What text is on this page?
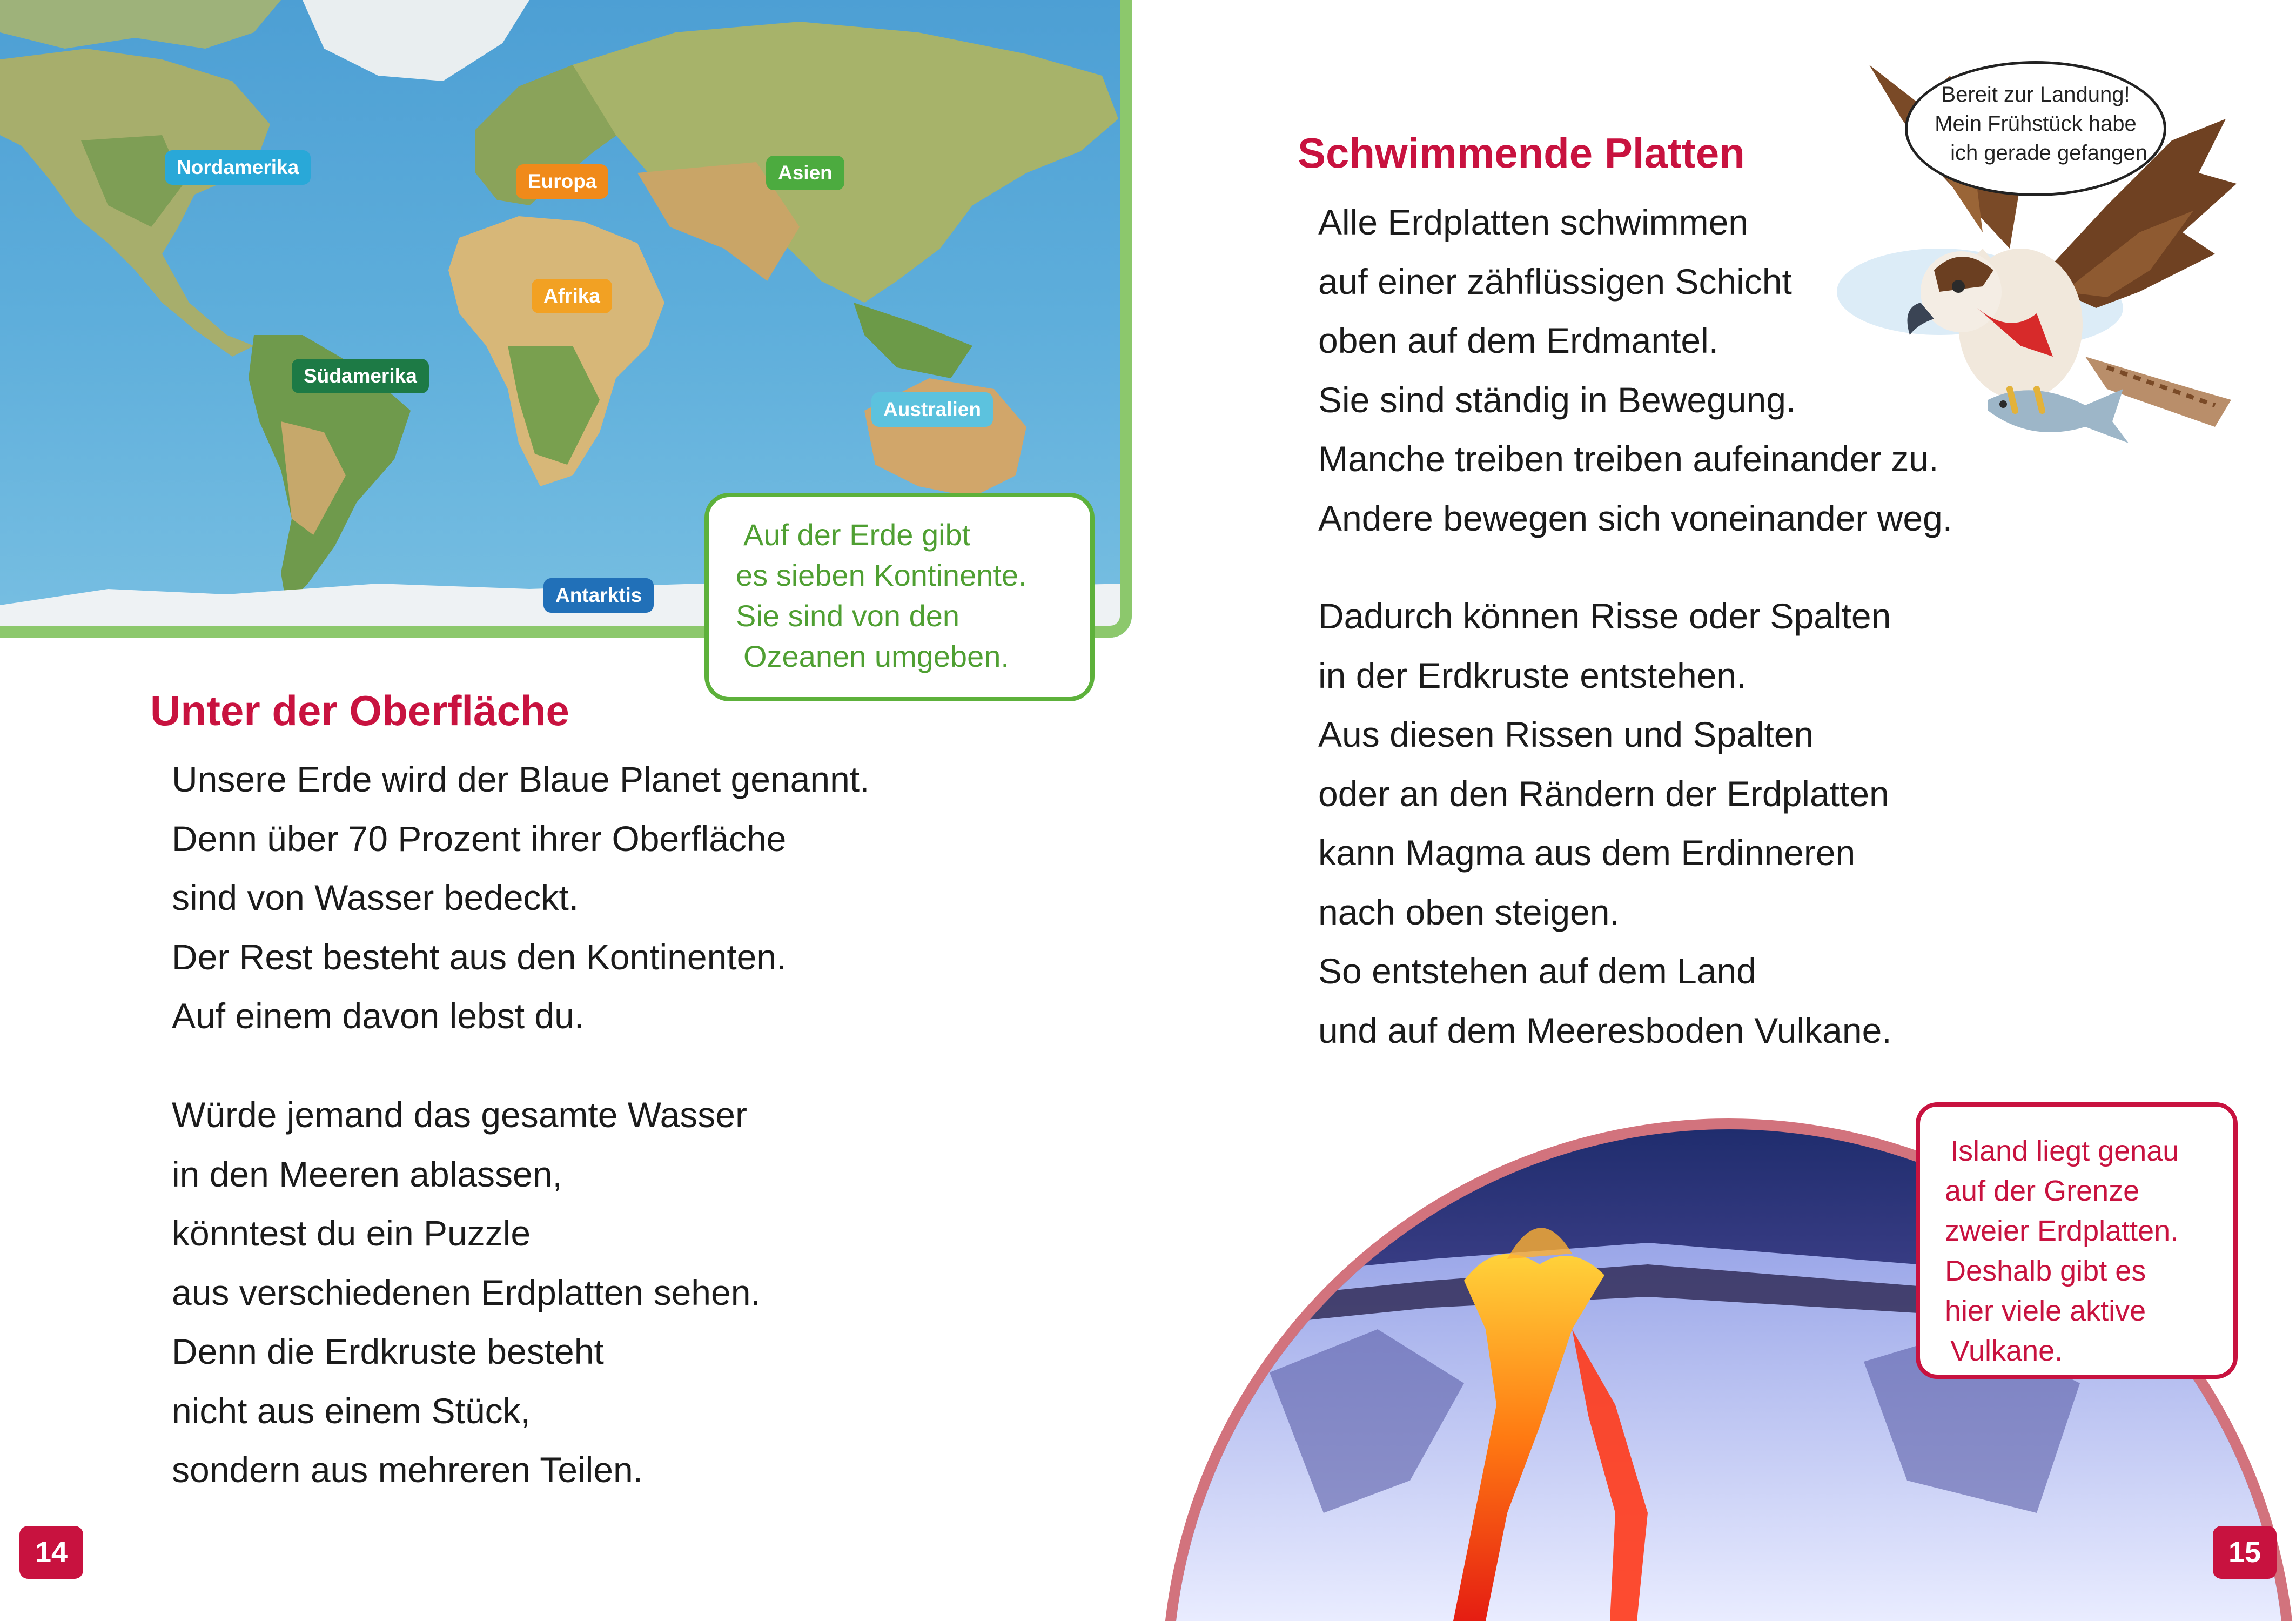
Nordamerika
Europa	Asien
Afrika
Südamerika
Australien
Antarktis
Auf der Erde gibt
es sieben Kontinente.
Sie sind von den
Ozeanen umgeben.
Unter der Oberfläche
Unsere Erde wird der Blaue Planet genannt.
Denn über 70 Prozent ihrer Oberfläche
sind von Wasser bedeckt.
Der Rest besteht aus den Kontinenten.
Auf einem davon lebst du.
Würde jemand das gesamte Wasser
in den Meeren ablassen,
könntest du ein Puzzle
aus verschiedenen Erdplatten sehen.
Denn die Erdkruste besteht
nicht aus einem Stück,
sondern aus mehreren Teilen.
14
Schwimmende Platten
Alle Erdplatten schwimmen
auf einer zähflüssigen Schicht
oben auf dem Erdmantel.
Sie sind ständig in Bewegung.
Manche treiben treiben aufeinander zu.
Andere bewegen sich voneinander weg.
Dadurch können Risse oder Spalten
in der Erdkruste entstehen.
Aus diesen Rissen und Spalten
oder an den Rändern der Erdplatten
kann Magma aus dem Erdinneren
nach oben steigen.
So entstehen auf dem Land
und auf dem Meeresboden Vulkane.
Bereit zur Landung!
Mein Frühstück habe
ich gerade gefangen.
Island liegt genau
auf der Grenze
zweier Erdplatten.
Deshalb gibt es
hier viele aktive
Vulkane.
15
